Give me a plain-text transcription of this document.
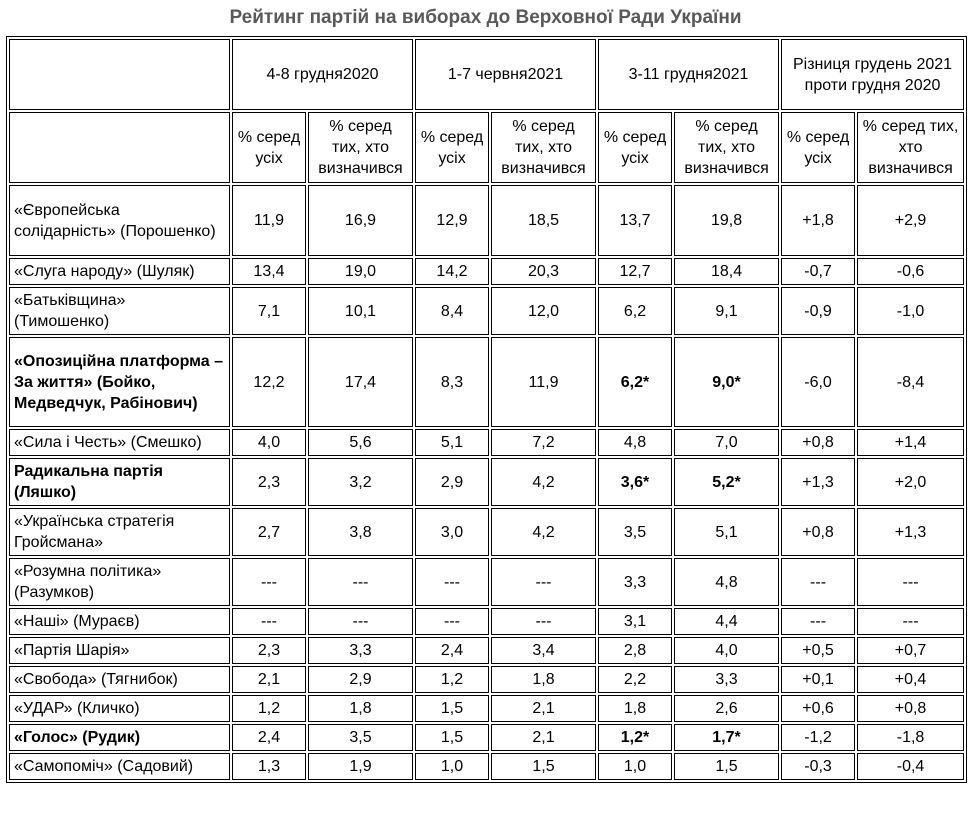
Рейтинг партій на виборах до Верховної Ради України
	4-8 грудня2020		1-7 червня2021		3-11 грудня2021		Різниця грудень 2021 проти грудня 2020	
	% серед усіх	% серед тих, хто визначився	% серед усіх	% серед тих, хто визначився	% серед усіх	% серед тих, хто визначився	% серед усіх	% серед тих, хто визначився
«Європейська солідарність» (Порошенко)	11,9	16,9	12,9	18,5	13,7	19,8	+1,8	+2,9
«Слуга народу» (Шуляк)	13,4	19,0	14,2	20,3	12,7	18,4	-0,7	-0,6
«Батьківщина» (Тимошенко)	7,1	10,1	8,4	12,0	6,2	9,1	-0,9	-1,0
«Опозиційна платформа – За життя» (Бойко, Медведчук, Рабінович)	12,2	17,4	8,3	11,9	6,2*	9,0*	-6,0	-8,4
«Сила і Честь» (Смешко)	4,0	5,6	5,1	7,2	4,8	7,0	+0,8	+1,4
Радикальна партія (Ляшко)	2,3	3,2	2,9	4,2	3,6*	5,2*	+1,3	+2,0
«Українська стратегія Гройсмана»	2,7	3,8	3,0	4,2	3,5	5,1	+0,8	+1,3
«Розумна політика» (Разумков)	---	---	---	---	3,3	4,8	---	---
«Наші» (Мураєв)	---	---	---	---	3,1	4,4	---	---
«Партія Шарія»	2,3	3,3	2,4	3,4	2,8	4,0	+0,5	+0,7
«Свобода» (Тягнибок)	2,1	2,9	1,2	1,8	2,2	3,3	+0,1	+0,4
«УДАР» (Кличко)	1,2	1,8	1,5	2,1	1,8	2,6	+0,6	+0,8
«Голос» (Рудик)	2,4	3,5	1,5	2,1	1,2*	1,7*	-1,2	-1,8
«Самопоміч» (Садовий)	1,3	1,9	1,0	1,5	1,0	1,5	-0,3	-0,4
